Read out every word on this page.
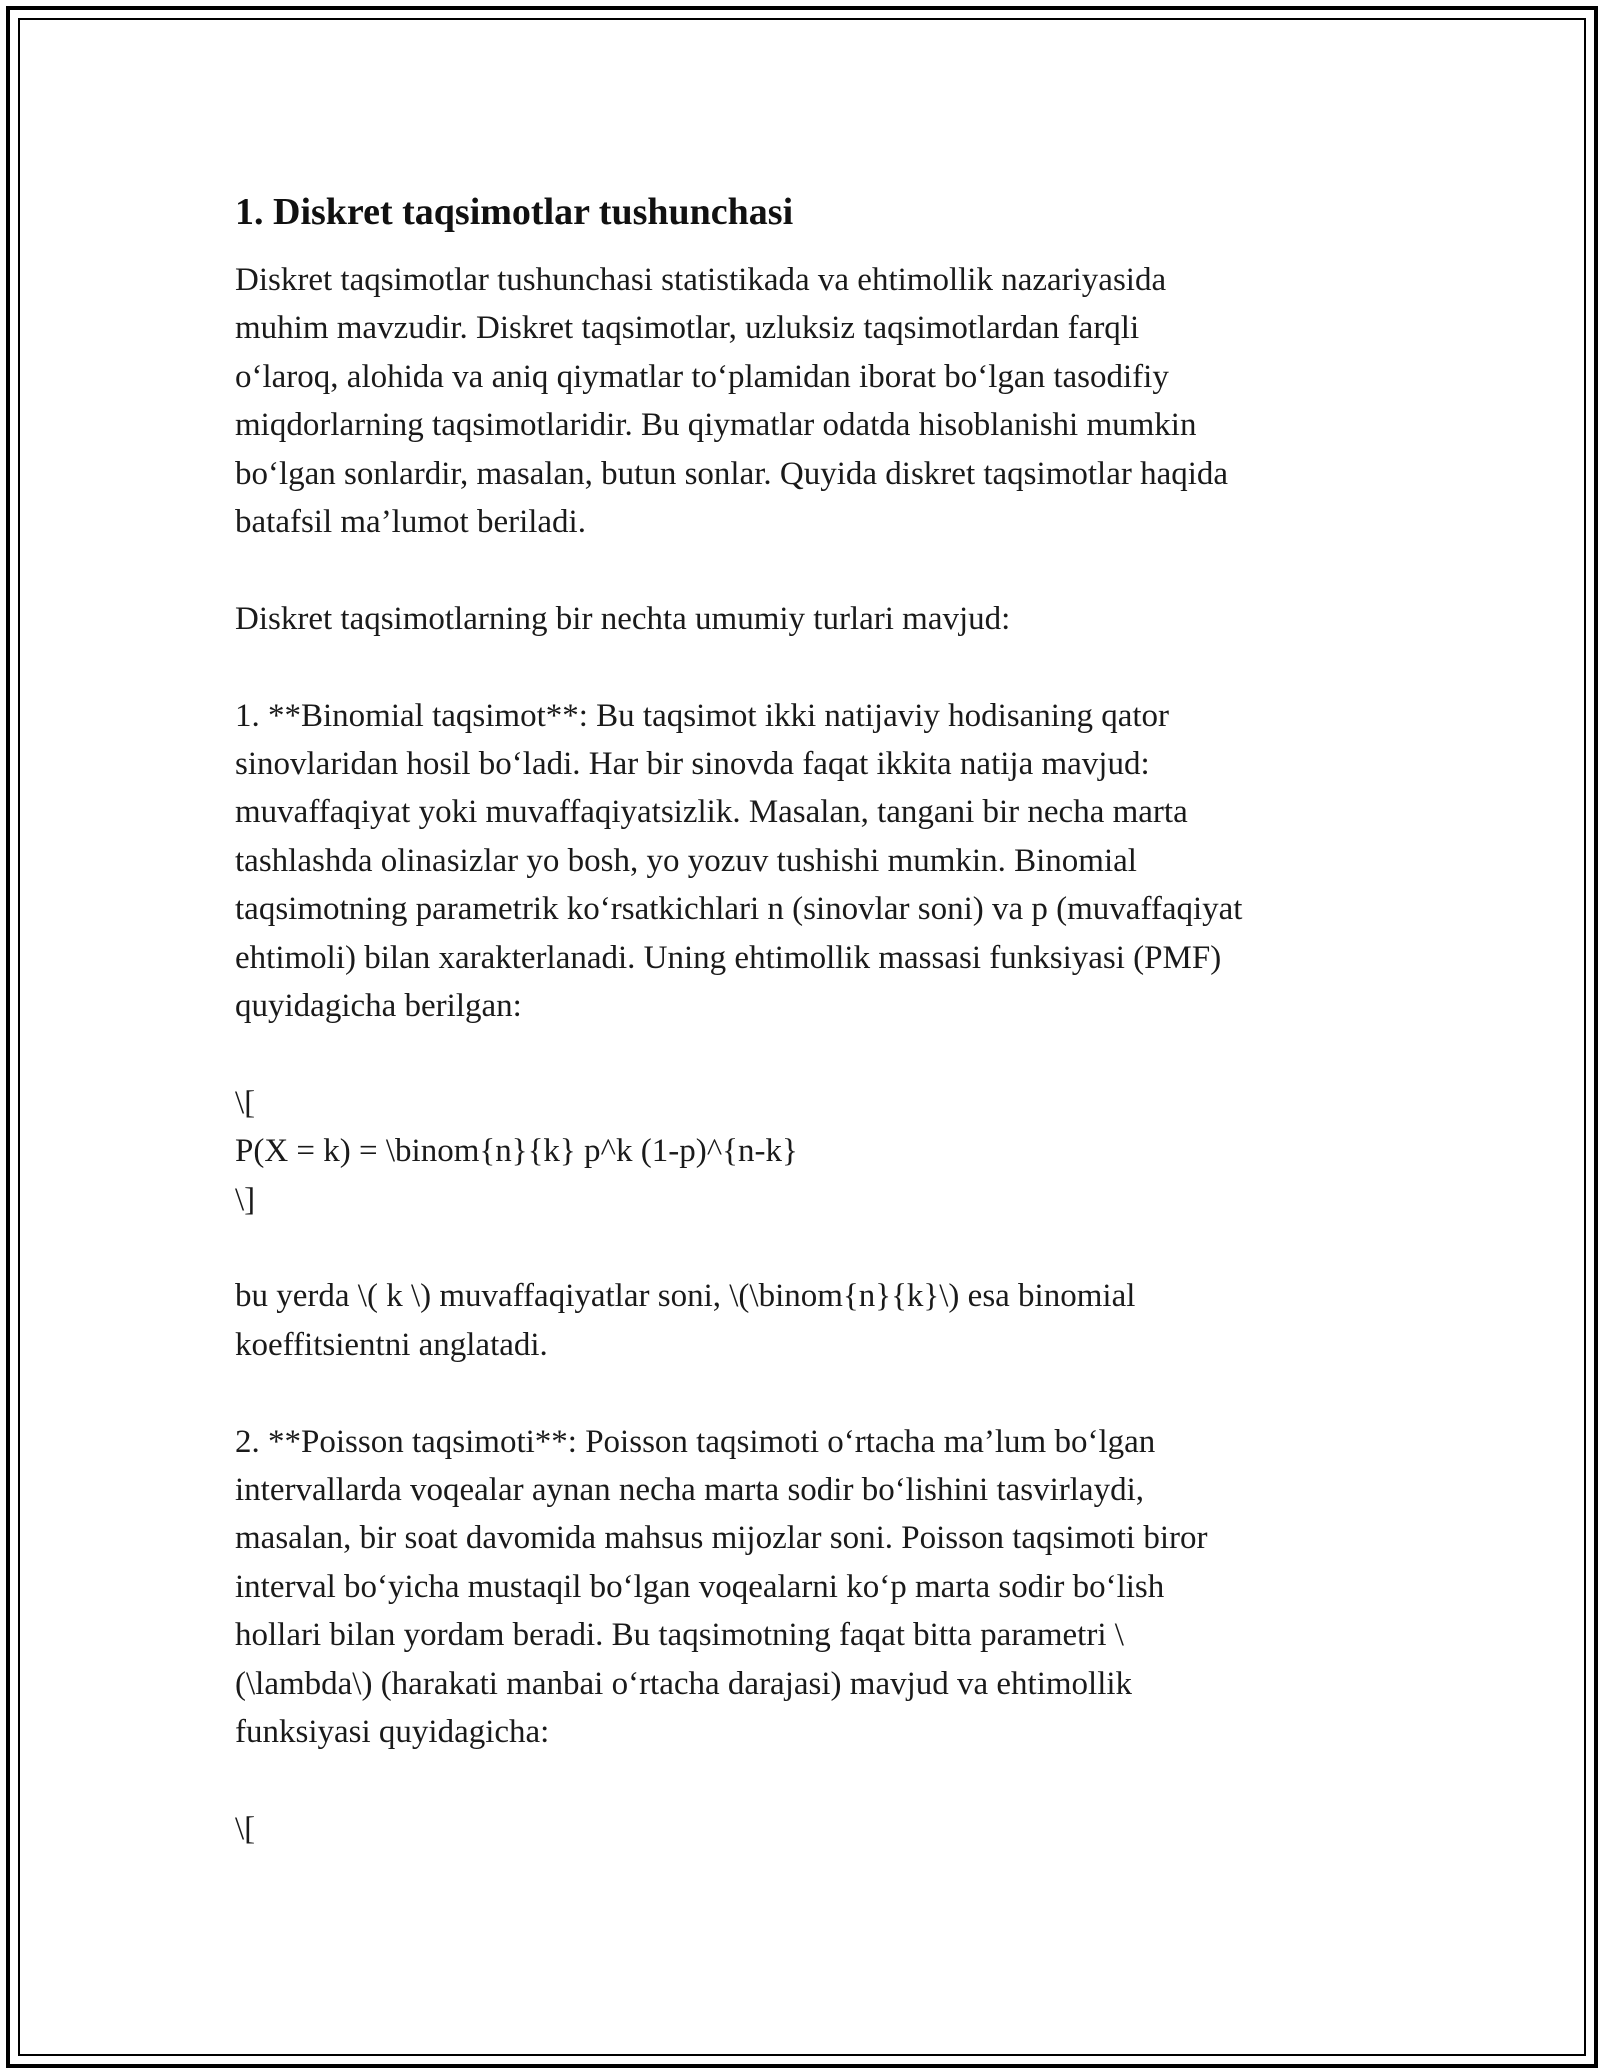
1. Diskret taqsimotlar tushunchasi

Diskret taqsimotlar tushunchasi statistikada va ehtimollik nazariyasida
muhim mavzudir. Diskret taqsimotlar, uzluksiz taqsimotlardan farqli
o‘laroq, alohida va aniq qiymatlar to‘plamidan iborat bo‘lgan tasodifiy
miqdorlarning taqsimotlaridir. Bu qiymatlar odatda hisoblanishi mumkin
bo‘lgan sonlardir, masalan, butun sonlar. Quyida diskret taqsimotlar haqida
batafsil ma’lumot beriladi.

Diskret taqsimotlarning bir nechta umumiy turlari mavjud:

1. **Binomial taqsimot**: Bu taqsimot ikki natijaviy hodisaning qator
sinovlaridan hosil bo‘ladi. Har bir sinovda faqat ikkita natija mavjud:
muvaffaqiyat yoki muvaffaqiyatsizlik. Masalan, tangani bir necha marta
tashlashda olinasizlar yo bosh, yo yozuv tushishi mumkin. Binomial
taqsimotning parametrik ko‘rsatkichlari n (sinovlar soni) va p (muvaffaqiyat
ehtimoli) bilan xarakterlanadi. Uning ehtimollik massasi funksiyasi (PMF)
quyidagicha berilgan:

\[
P(X = k) = \binom{n}{k} p^k (1-p)^{n-k}
\]

bu yerda \( k \) muvaffaqiyatlar soni, \(\binom{n}{k}\) esa binomial
koeffitsientni anglatadi.

2. **Poisson taqsimoti**: Poisson taqsimoti o‘rtacha ma’lum bo‘lgan
intervallarda voqealar aynan necha marta sodir bo‘lishini tasvirlaydi,
masalan, bir soat davomida mahsus mijozlar soni. Poisson taqsimoti biror
interval bo‘yicha mustaqil bo‘lgan voqealarni ko‘p marta sodir bo‘lish
hollari bilan yordam beradi. Bu taqsimotning faqat bitta parametri \
(\lambda\) (harakati manbai o‘rtacha darajasi) mavjud va ehtimollik
funksiyasi quyidagicha:

\[
